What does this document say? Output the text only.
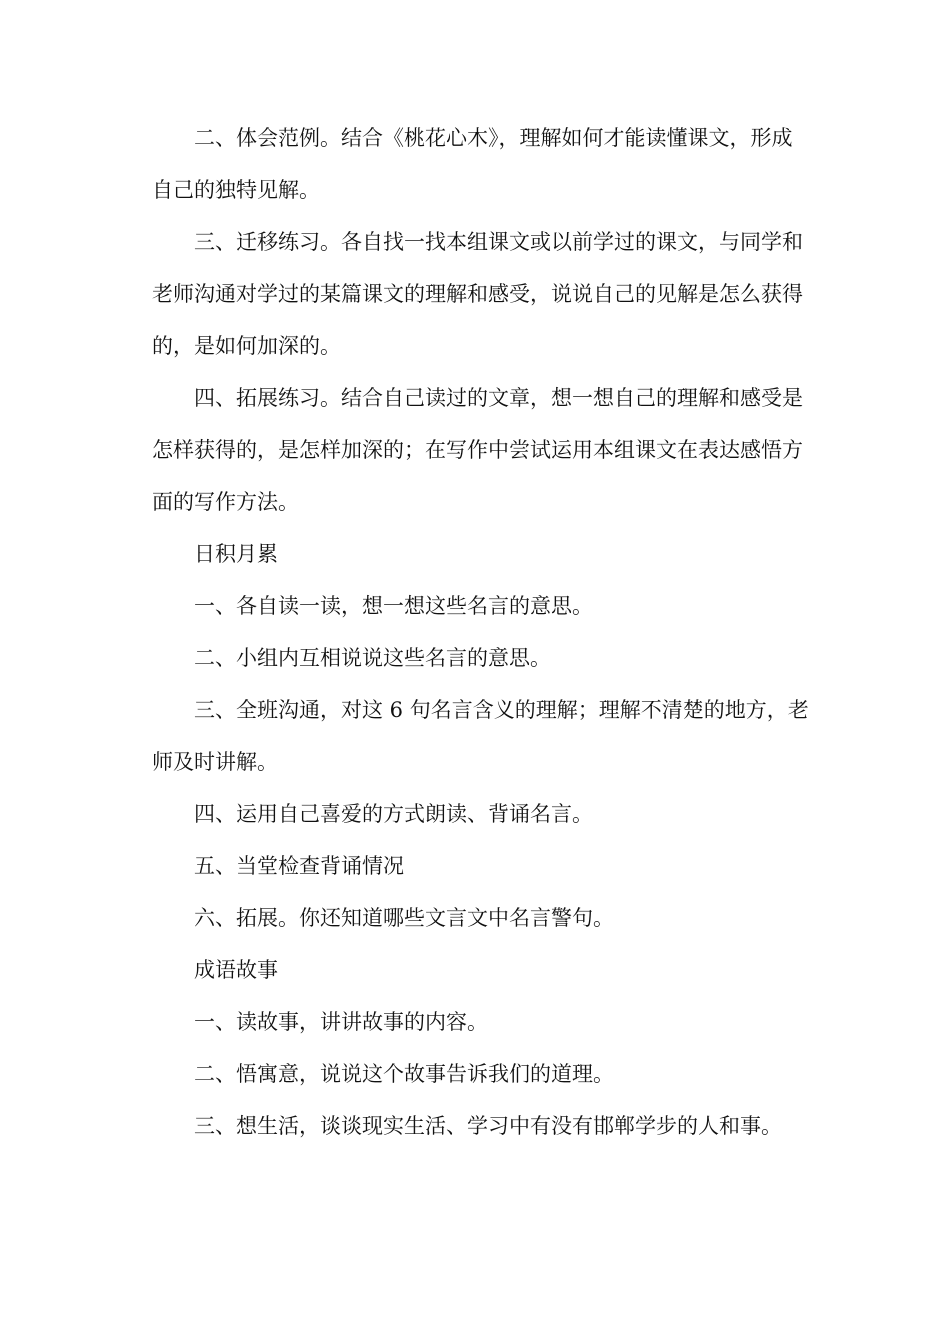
二、体会范例。结合《桃花心木》，理解如何才能读懂课文，形成自己的独特见解。

三、迁移练习。各自找一找本组课文或以前学过的课文，与同学和老师沟通对学过的某篇课文的理解和感受，说说自己的见解是怎么获得的，是如何加深的。

四、拓展练习。结合自己读过的文章，想一想自己的理解和感受是怎样获得的，是怎样加深的；在写作中尝试运用本组课文在表达感悟方面的写作方法。

日积月累

一、各自读一读，想一想这些名言的意思。

二、小组内互相说说这些名言的意思。

三、全班沟通，对这 6 句名言含义的理解；理解不清楚的地方，老师及时讲解。

四、运用自己喜爱的方式朗读、背诵名言。

五、当堂检查背诵情况

六、拓展。你还知道哪些文言文中名言警句。

成语故事

一、读故事，讲讲故事的内容。

二、悟寓意，说说这个故事告诉我们的道理。

三、想生活，谈谈现实生活、学习中有没有邯郸学步的人和事。
